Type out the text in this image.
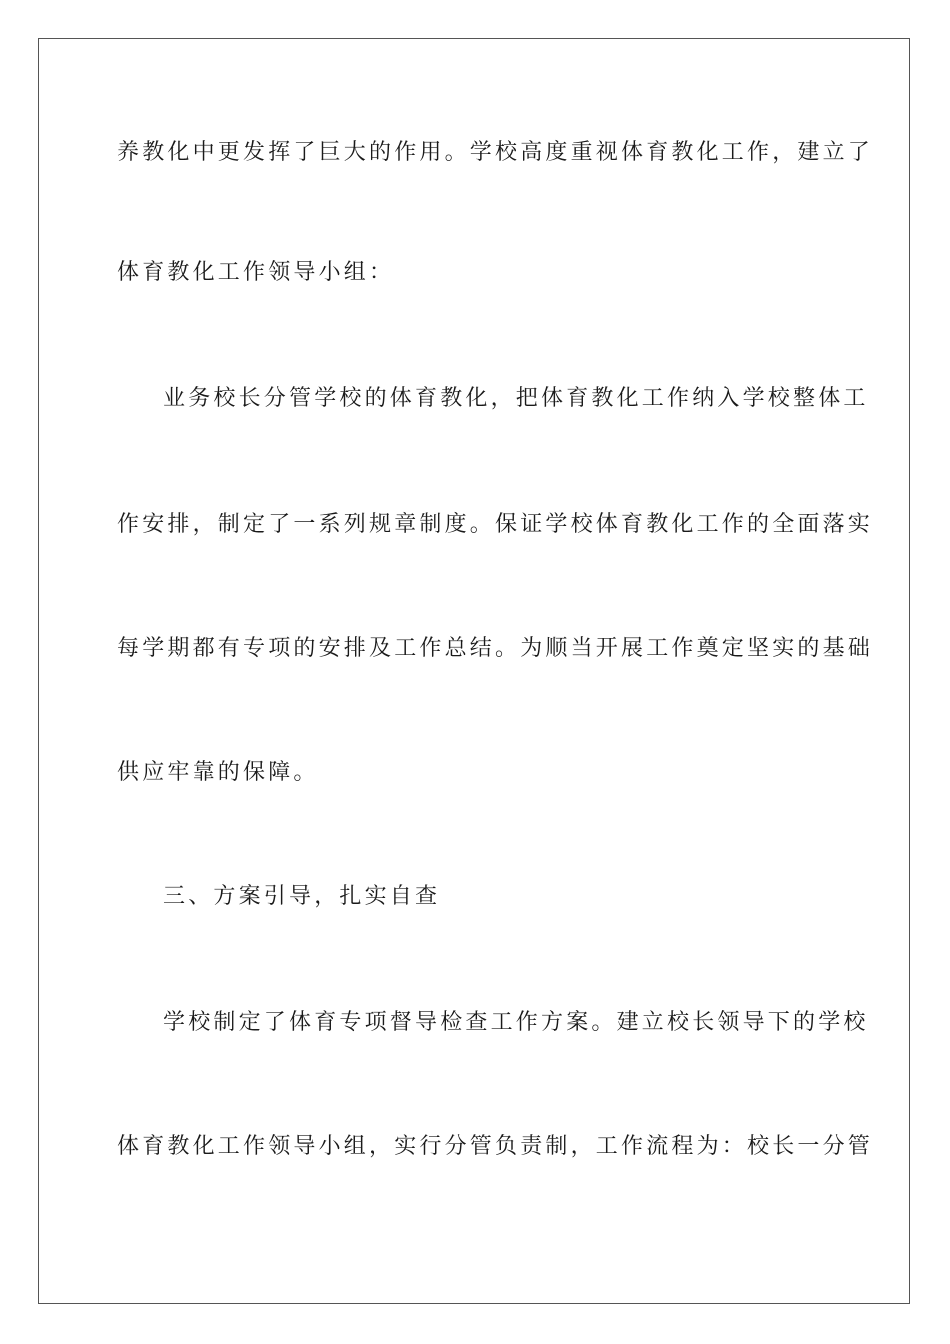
养教化中更发挥了巨大的作用。学校高度重视体育教化工作，建立了

体育教化工作领导小组：

业务校长分管学校的体育教化，把体育教化工作纳入学校整体工

作安排，制定了一系列规章制度。保证学校体育教化工作的全面落实

每学期都有专项的安排及工作总结。为顺当开展工作奠定坚实的基础

供应牢靠的保障。

三、方案引导，扎实自查

学校制定了体育专项督导检查工作方案。建立校长领导下的学校

体育教化工作领导小组，实行分管负责制，工作流程为：校长一分管
